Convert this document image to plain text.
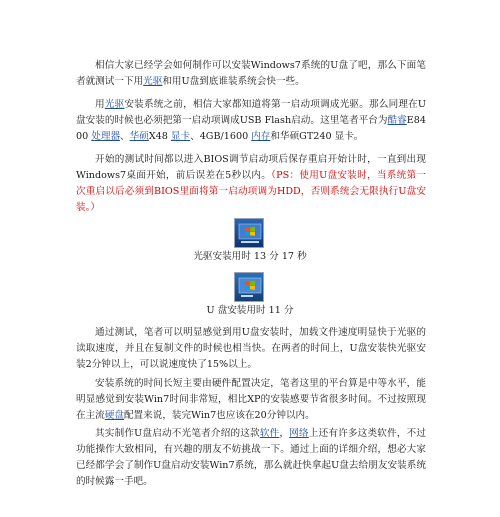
相信大家已经学会如何制作可以安装Windows7系统的U盘了吧，那么下面笔者就测试一下用光驱和用U盘到底谁装系统会快一些。

用光驱安装系统之前，相信大家都知道将第一启动项调成光驱。那么同理在U盘安装的时候也必须把第一启动项调成USB Flash启动。这里笔者平台为酷睿E8400 处理器、华硕X48 显卡、4GB/1600 内存和华硕GT240 显卡。

开始的测试时间都以进入BIOS调节启动项后保存重启开始计时，一直到出现Windows7桌面开始，前后误差在5秒以内。（PS：使用U盘安装时，当系统第一次重启以后必须到BIOS里面将第一启动项调为HDD，否则系统会无限执行U盘安装。）

光驱安装用时 13 分 17 秒
U 盘安装用时 11 分

通过测试，笔者可以明显感觉到用U盘安装时，加载文件速度明显快于光驱的读取速度，并且在复制文件的时候也相当快。在两者的时间上，U盘安装快光驱安装2分钟以上，可以说速度快了15%以上。

安装系统的时间长短主要由硬件配置决定，笔者这里的平台算是中等水平，能明显感觉到安装Win7时间非常短，相比XP的安装感要节省很多时间。不过按照现在主流硬盘配置来说，装完Win7也应该在20分钟以内。

其实制作U盘启动不光笔者介绍的这款软件，网络上还有许多这类软件，不过功能操作大致相同，有兴趣的朋友不妨挑战一下。通过上面的详细介绍，想必大家已经都学会了制作U盘启动安装Win7系统，那么就赶快拿起U盘去给朋友安装系统的时候露一手吧。
